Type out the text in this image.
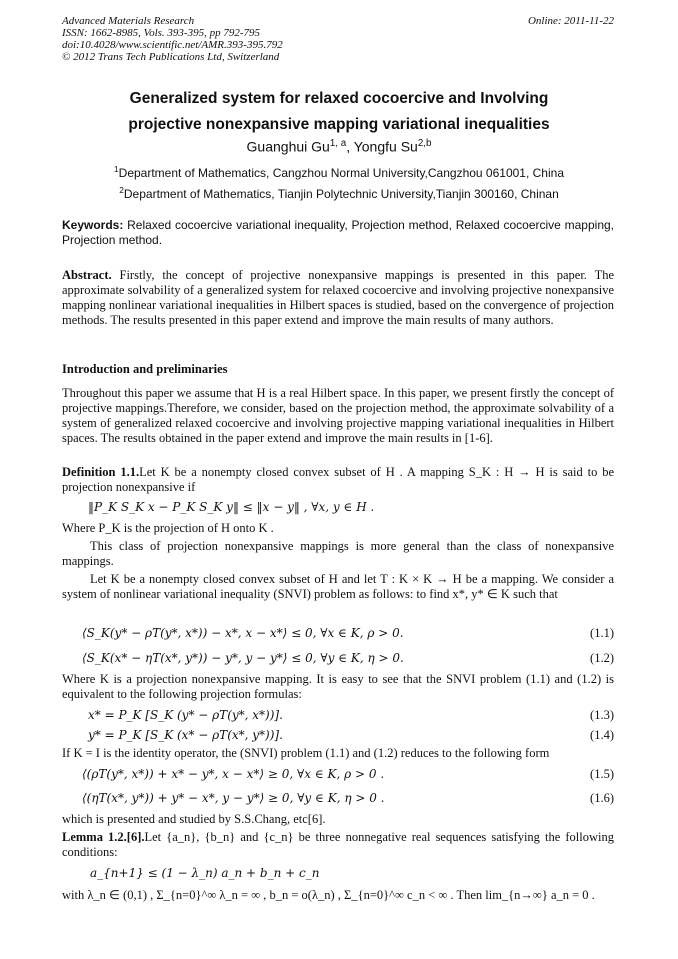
Advanced Materials Research
ISSN: 1662-8985, Vols. 393-395, pp 792-795
doi:10.4028/www.scientific.net/AMR.393-395.792
© 2012 Trans Tech Publications Ltd, Switzerland
Online: 2011-11-22
Generalized system for relaxed cocoercive and Involving
projective nonexpansive mapping variational inequalities
Guanghui Gu$^{1, a}$, Yongfu Su$^{2,b}$
$^1$Department of Mathematics, Cangzhou Normal University,Cangzhou 061001, China
$^2$Department of Mathematics, Tianjin Polytechnic University,Tianjin 300160, Chinan
Keywords: Relaxed cocoercive variational inequality, Projection method, Relaxed cocoercive mapping, Projection method.
Abstract. Firstly, the concept of projective nonexpansive mappings is presented in this paper. The approximate solvability of a generalized system for relaxed cocoercive and involving projective nonexpansive mapping nonlinear variational inequalities in Hilbert spaces is studied, based on the convergence of projection methods. The results presented in this paper extend and improve the main results of many authors.
Introduction and preliminaries
Throughout this paper we assume that H is a real Hilbert space. In this paper, we present firstly the concept of projective mappings.Therefore, we consider, based on the projection method, the approximate solvability of a system of generalized relaxed cocoercive and involving projective mapping variational inequalities in Hilbert spaces. The results obtained in the paper extend and improve the main results in [1-6].
Definition 1.1.Let K be a nonempty closed convex subset of H . A mapping S_K : H → H is said to be projection nonexpansive if
‖P_K S_K x − P_K S_K y‖ ≤ ‖x − y‖ , ∀x, y ∈ H .
Where P_K is the projection of H onto K .
This class of projection nonexpansive mappings is more general than the class of nonexpansive mappings.
Let K be a nonempty closed convex subset of H and let T : K × K → H be a mapping. We consider a system of nonlinear variational inequality (SNVI) problem as follows: to find x*, y* ∈ K such that
⟨S_K(y* − ρT(y*, x*)) − x*, x − x*⟩ ≤ 0, ∀x ∈ K, ρ > 0.	(1.1)
⟨S_K(x* − ηT(x*, y*)) − y*, y − y*⟩ ≤ 0, ∀y ∈ K, η > 0.	(1.2)
Where K is a projection nonexpansive mapping. It is easy to see that the SNVI problem (1.1) and (1.2) is equivalent to the following projection formulas:
x* = P_K [S_K (y* − ρT(y*, x*))].	(1.3)
y* = P_K [S_K (x* − ρT(x*, y*))].	(1.4)
If K = I is the identity operator, the (SNVI) problem (1.1) and (1.2) reduces to the following form
⟨(ρT(y*, x*)) + x* − y*, x − x*⟩ ≥ 0, ∀x ∈ K, ρ > 0 .	(1.5)
⟨(ηT(x*, y*)) + y* − x*, y − y*⟩ ≥ 0, ∀y ∈ K, η > 0 .	(1.6)
which is presented and studied by S.S.Chang, etc[6].
Lemma 1.2.[6].Let {a_n}, {b_n} and {c_n} be three nonnegative real sequences satisfying the following conditions:
a_{n+1} ≤ (1 − λ_n) a_n + b_n + c_n
with λ_n ∈ (0,1) , Σ_{n=0}^∞ λ_n = ∞ , b_n = o(λ_n) , Σ_{n=0}^∞ c_n < ∞ . Then lim_{n→∞} a_n = 0 .
